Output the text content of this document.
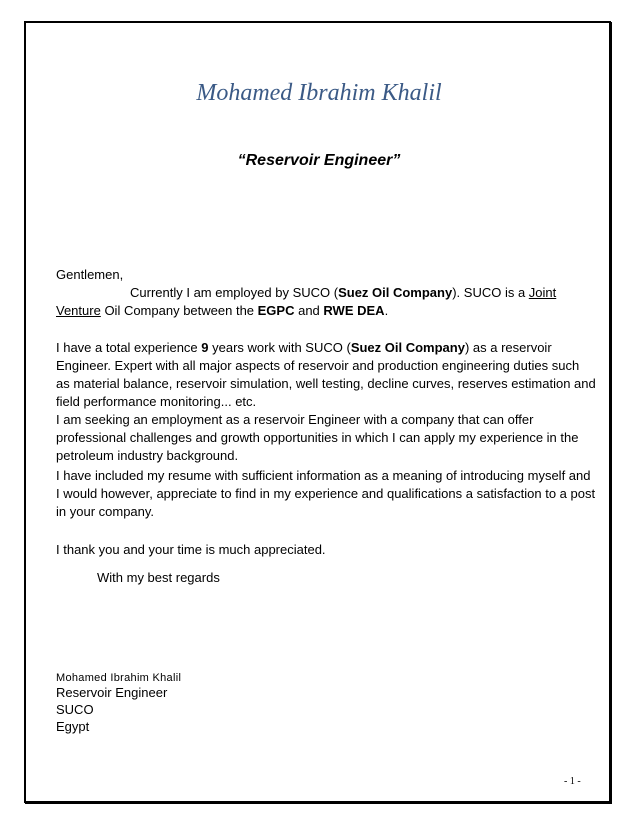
Mohamed Ibrahim Khalil
“Reservoir Engineer”
Gentlemen,
Currently I am employed by SUCO (Suez Oil Company). SUCO is a Joint Venture Oil Company between the EGPC and RWE DEA.
I have a total experience 9 years work with SUCO (Suez Oil Company) as a reservoir Engineer. Expert with all major aspects of reservoir and production engineering duties such as material balance, reservoir simulation, well testing, decline curves, reserves estimation and field performance monitoring... etc.
I am seeking an employment as a reservoir Engineer with a company that can offer professional challenges and growth opportunities in which I can apply my experience in the petroleum industry background.
I have included my resume with sufficient information as a meaning of introducing myself and I would however, appreciate to find in my experience and qualifications a satisfaction to a post in your company.
I thank you and your time is much appreciated.
With my best regards
Mohamed Ibrahim Khalil
Reservoir Engineer
SUCO
Egypt
- 1 -
